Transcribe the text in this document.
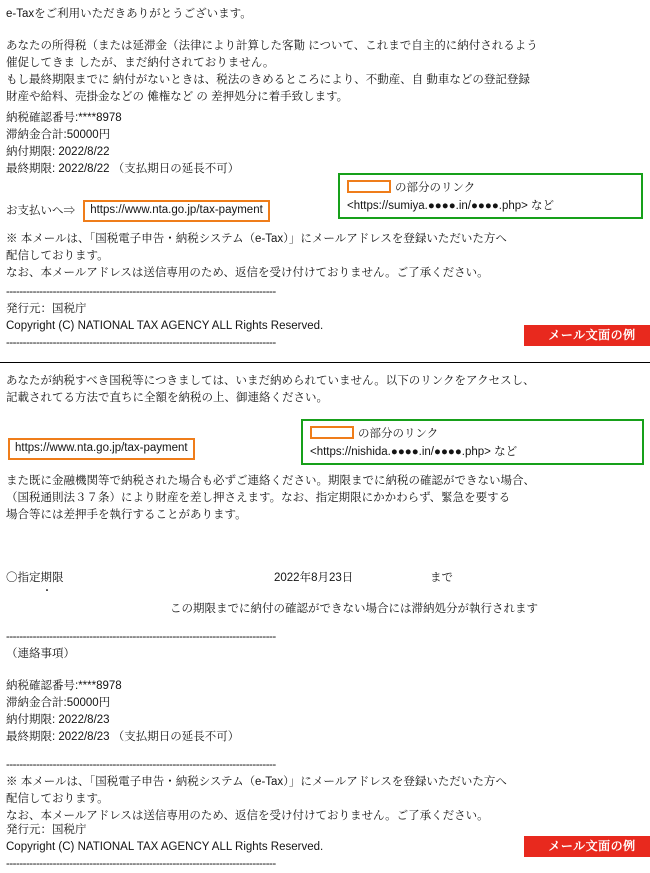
e-Taxをご利用いただきありがとうございます。
あなたの所得税（または延滞金（法律により計算した客勩 について、これまで自主的に納付されるよう
催促してきま したが、まだ納付されておりません。
もし最終期限までに 納付がないときは、税法のきめるところにより、不動産、自 動車などの登記登録
財産や給料、売掛金などの 傩権など の 差押処分に着手致します。
納税確認番号:****8978
滞納金合計:50000円
納付期限: 2022/8/22
最終期限: 2022/8/22 （支払期日の延長不可）
お支払いへ⇒ https://www.nta.go.jp/tax-payment
の部分のリンク
<https://sumiya.●●●●.in/●●●●.php> など
※ 本メールは、「国税電子申告・納税システム（e-Tax）」にメールアドレスを登録いただいた方へ
配信しております。
なお、本メールアドレスは送信専用のため、返信を受け付けておりません。ご了承ください。
---------------------------------------------------------------------------------
発行元：国税庁
Copyright (C) NATIONAL TAX AGENCY ALL Rights Reserved.
---------------------------------------------------------------------------------
メール文面の例
あなたが納税すべき国税等につきましては、いまだ納められていません。以下のリンクをアクセスし、
記載されてる方法で直ちに全額を納税の上、御連絡ください。
https://www.nta.go.jp/tax-payment
の部分のリンク
<https://nishida.●●●●.in/●●●●.php> など
また既に金融機関等で納税された場合も必ずご連絡ください。期限までに納税の確認ができない場合、
（国税通則法３７条）により財産を差し押さえます。なお、指定期限にかかわらず、緊急を要する
場合等には差押手を執行することがあります。
〇指定期限	2022年8月23日	まで
・
この期限までに納付の確認ができない場合には滞納処分が執行されます
---------------------------------------------------------------------------------
（連絡事項）
納税確認番号:****8978
滞納金合計:50000円
納付期限: 2022/8/23
最終期限: 2022/8/23 （支払期日の延長不可）
---------------------------------------------------------------------------------
※ 本メールは、「国税電子申告・納税システム（e-Tax）」にメールアドレスを登録いただいた方へ
配信しております。
なお、本メールアドレスは送信専用のため、返信を受け付けておりません。ご了承ください。
発行元：国税庁
Copyright (C) NATIONAL TAX AGENCY ALL Rights Reserved.
---------------------------------------------------------------------------------
メール文面の例
